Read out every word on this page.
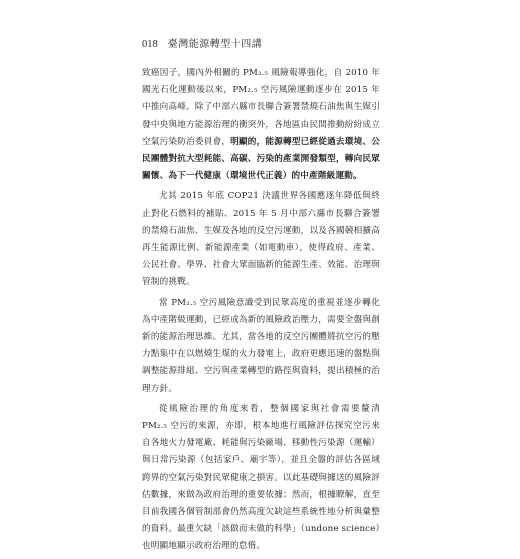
018 臺灣能源轉型十四講

致癌因子，國內外相關的 PM₂.₅ 風險報導強化，自 2010 年國光石化運動後以來，PM₂.₅ 空污風險運動逐步在 2015 年中推向高峰。除了中部六縣市長聯合簽署禁燒石油焦與生媒引發中央與地方能源治理的衝突外，各地區由民間推動紛紛成立空氣污染防治委員會，明顯的，能源轉型已經從過去環境、公民團體對抗大型耗能、高碳、污染的產業開發類型，轉向民眾關懷、為下一代健康（環境世代正義）的中產階級運動。

尤其 2015 年底 COP21 決議世界各國應逐年降低與終止對化石燃料的補貼、2015 年 5 月中部六縣市長聯合簽署的禁燒石油焦、生媒及各地的反空污運動，以及各國競相擴高再生能源比例、新能源產業（如電動車），使得政府、產業、公民社會、學界、社會大眾面臨新的能源生產、效能、治理與管制的挑戰。

當 PM₂.₅ 空污風險意識受到民眾高度的重視並逐步轉化為中產階級運動，已經成為新的風險政治壓力，需要全盤與創新的能源治理思維。尤其，當各地的反空污團體將抗空污的壓力點集中在以燃燒生煤的火力發電上，政府更應迅速的盤點與調整能源排組、空污與產業轉型的路徑與資料，提出積極的治理方針。

從風險治理的角度來看，整個國家與社會需要釐清 PM₂.₅ 空污的來源，亦即，根本地進行風險評估探究空污來自各地火力發電廠、耗能與污染廠場、移動性污染源（運輸）與日常污染源（包括家戶、廟宇等），並且全盤的評估各區域跨界的空氣污染對民眾健康之損害。以此基礎與據送的風險評估數據，來做為政府治理的重要依據；然而，根據瞭解，直至目前我國各個管制部會仍然高度欠缺這些系統性地分析與彙整的資料。最重欠缺「該做而未做的科學」（undone science）也明顯地顯示政府治理的怠惰。
